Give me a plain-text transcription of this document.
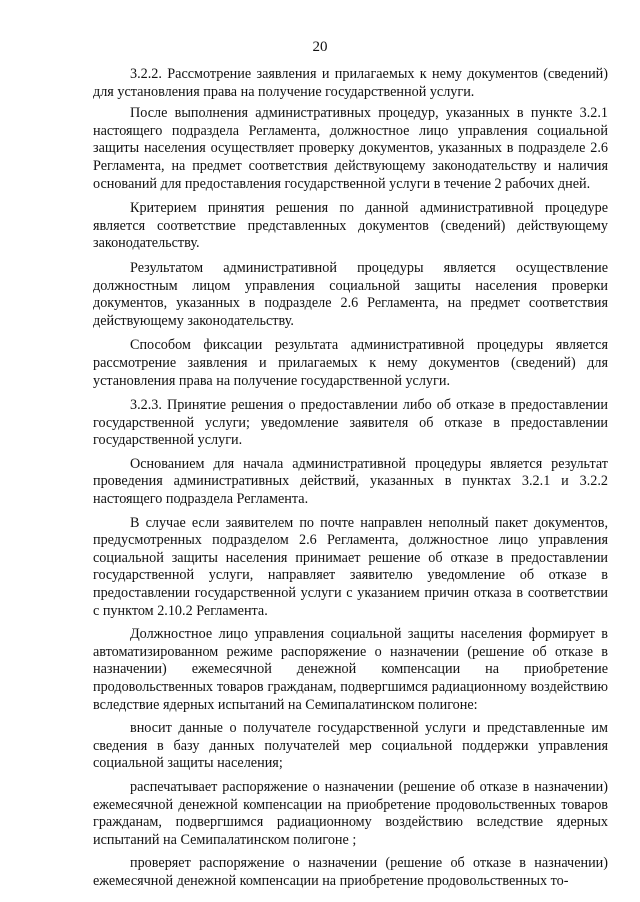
20

3.2.2. Рассмотрение заявления и прилагаемых к нему документов (сведений) для установления права на получение государственной услуги.

После выполнения административных процедур, указанных в пункте 3.2.1 настоящего подраздела Регламента, должностное лицо управления социальной защиты населения осуществляет проверку документов, указанных в подразделе 2.6 Регламента, на предмет соответствия действующему законодательству и наличия оснований для предоставления государственной услуги в течение 2 рабочих дней.

Критерием принятия решения по данной административной процедуре является соответствие представленных документов (сведений) действующему законодательству.

Результатом административной процедуры является осуществление должностным лицом управления социальной защиты населения проверки документов, указанных в подразделе 2.6 Регламента, на предмет соответствия действующему законодательству.

Способом фиксации результата административной процедуры является рассмотрение заявления и прилагаемых к нему документов (сведений) для установления права на получение государственной услуги.

3.2.3. Принятие решения о предоставлении либо об отказе в предоставлении государственной услуги; уведомление заявителя об отказе в предоставлении государственной услуги.

Основанием для начала административной процедуры является результат проведения административных действий, указанных в пунктах 3.2.1 и 3.2.2 настоящего подраздела Регламента.

В случае если заявителем по почте направлен неполный пакет документов, предусмотренных подразделом 2.6 Регламента, должностное лицо управления социальной защиты населения принимает решение об отказе в предоставлении государственной услуги, направляет заявителю уведомление об отказе в предоставлении государственной услуги с указанием причин отказа в соответствии с пунктом 2.10.2 Регламента.

Должностное лицо управления социальной защиты населения формирует в автоматизированном режиме распоряжение о назначении (решение об отказе в назначении) ежемесячной денежной компенсации на приобретение продовольственных товаров гражданам, подвергшимся радиационному воздействию вследствие ядерных испытаний на Семипалатинском полигоне:

вносит данные о получателе государственной услуги и представленные им сведения в базу данных получателей мер социальной поддержки управления социальной защиты населения;

распечатывает распоряжение о назначении (решение об отказе в назначении) ежемесячной денежной компенсации на приобретение продовольственных товаров гражданам, подвергшимся радиационному воздействию вследствие ядерных испытаний на Семипалатинском полигоне ;

проверяет распоряжение о назначении (решение об отказе в назначении) ежемесячной денежной компенсации на приобретение продовольственных то-
